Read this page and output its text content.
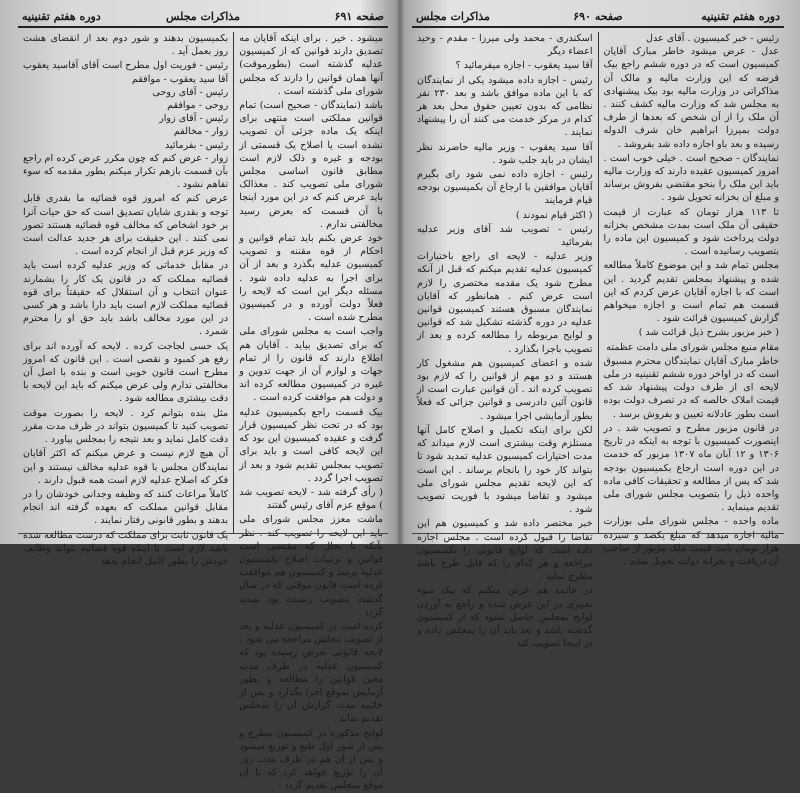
صفحه ۶۹۱
مذاکرات مجلس
دوره هفتم تقنینیه

میشود . خیر . برای اینکه آقایان مه تصدیق دارند قوانین که از کمیسیون عدلیه گذشته است (بطورموقت) آنها همان قوانین را دارند که مجلس شورای ملی گذشته است .

باشد (نمایندگان - صحیح است) تمام قوانین مملکتی است منتهی برای اینکه یک ماده جزئی آن تصویب نشده است یا اصلاح یک قسمتی از بودجه و غیره و ذلک لازم است مطابق قانون اساسی مجلس شورای ملی تصویب کند . معذالک باید عرض کنم که در این مورد اینجا با آن قسمت که بعرض رسید مخالفتی ندارم .

خود عرض بکنم باید تمام قوانین و احکام از قوه مقننه و تصویب کمیسیون عدلیه بگذرد و بعد از آن برای اجرا به عدلیه داده شود . مسئله دیگر این است که لایحه را فعلاً دولت آورده و در کمیسیون مطرح شده است .

واجب است به مجلس شورای ملی که برای تصدیق بیاید . آقایان هم اطلاع دارند که قانون را از تمام جهات و لوازم آن از جهت تدوین و غیره در کمیسیون مطالعه کرده اند و دولت هم موافقت کرده است .

بیک قسمت راجع بکمیسیون عدلیه بود که در تحت نظر کمیسیون قرار گرفت و عقیده کمیسیون این بود که این لایحه کافی است و باید برای تصویب بمجلس تقدیم شود و بعد از تصویب اجرا گردد .

( رأی گرفته شد - لایحه تصویب شد ) موقع عزم آقای رئیس گفتند

ماشت معزز مجلس شورای ملی باید این لایحه را تصویب کند . نظر بآنکه تا بحال که مقتضی است قوانین و ترتیبات اصلاح بکمیسیون عدلیه برسد و کمیسیون هم موافقت کرده است قانون موقتی که در سال گذشته بتصویب رسیده بود تمدید گردد .

کرده است در کمیسیون عدلیه و بعد از تصویب مجلس مراجعه می شود . لایحه قانونی بعرض رسیده بود که کمیسیون عدلیه در ظرف مدت معین قوانین را مطالعه و بطور آزمایش بموقع اجرا بگذارد و پس از خاتمه مدت گزارش آن را بمجلس تقدیم نماید .

لوایح مذکوره در کمیسیون مطرح و پس از شور اول طبع و توزیع میشود و پس از آن هم در ظرف مدت روز آن را توزیع خواهد کرد که تا آن موقع بمجلس تقدیم گردد .

بکمیسیون بدهند و شور دوم بعد از انقضای هشت روز بعمل آید .

رئیس - فوریت اول مطرح است آقای آقاسید یعقوب

آقا سید یعقوب - موافقم

رئیس - آقای روحی

روحی - موافقم

رئیس - آقای زوار

زوار - مخالفم

رئیس - بفرمائید

زوار - عرض کنم که چون مکرر عرض کرده ام راجع بآن قسمت بازهم تکرار میکنم بطور مقدمه که سوء تفاهم نشود .

عرض کنم که امروز قوه قضائیه ما بقدری قابل توجه و بقدری شایان تصدیق است که حق حیات آنرا بر خود اشخاص که مخالف قوه قضائیه هستند تصور نمی کنند . این حقیقت برای هر جدید عدالت است که وزیر عزم قبل از انجام کرده است .

در مقابل خدماتی که وزیر عدلیه کرده است باید قضائیه مملکت که در قانون یک کار را بشمارند عنوان انتخاب و آن استقلال که حقیقتاً برای قوه قضائیه مملکت لازم است باید دارا باشد و هر کسی در این مورد مخالف باشد باید حق او را محترم شمرد .

یک حسی لجاجت کرده . لایحه که آورده اند برای رفع هر کمبود و نقصی است . این قانون که امروز مطرح است قانون خوبی است و بنده با اصل آن مخالفتی ندارم ولی عرض میکنم که باید این لایحه با دقت بیشتری مطالعه شود .

مثل بنده بتوانم کرد . لایحه را بصورت موقت تصویب کنید تا کمیسیون بتواند در ظرف مدت مقرر دقت کامل نماید و بعد نتیجه را بمجلس بیاورد .

آن هیچ لازم نیست و عرض میکنم که اکثر آقایان نمایندگان مجلس با قوه عدلیه مخالف نیستند و این فکر که اصلاح عدلیه لازم است همه قبول دارند .

کاملاً مراعات کنند که وظیفه وجدانی خودشان را در مقابل قوانین مملکت که بعهده گرفته اند انجام بدهند و بطور قانونی رفتار نمایند .

یک قانون ثابت برای مملکت که درست مطالعه شده باشد لازم است تا اینکه قوه قضائیه بتواند وظایف خودش را بطور کامل انجام بدهد .

دوره هفتم تقنینیه
صفحه ۶۹۰
مذاکرات مجلس

رئیس - خبر کمیسیون . آقای عدل

عدل - عرض میشود خاطر مبارک آقایان کمیسیون است که در دوره ششم راجع بیک قرضه که این وزارت مالیه و مالک آن مذاکراتی در وزارت مالیه بود بیک پیشنهادی به مجلس شد که وزارت مالیه کشف کنند . آن ملک را از آن شخص که بعدها از طرف دولت بمیرزا ابراهیم خان شرف الدوله رسیده و بعد باو اجازه داده شد بفروشد .

نمایندگان - صحیح است . خیلی خوب است . امروز کمیسیون عقیده دارند که وزارت مالیه باید این ملک را بنحو مقتضی بفروش برساند و مبلغ آن بخزانه تحویل شود .

تا ۱۱۳ هزار تومان که عبارت از قیمت حقیقی آن ملک است بمدت مشخص بخزانه دولت پرداخت شود و کمیسیون این ماده را بتصویب رسانیده است .

مجلس تمام شد و این موضوع کاملاً مطالعه شده و پیشنهاد بمجلس تقدیم گردید . این است که با اجازه آقایان عرض کردم که این قسمت هم تمام است و اجازه میخواهم گزارش کمیسیون قرائت شود .

( خبر مزبور بشرح ذیل قرائت شد )

مقام منیع مجلس شورای ملی دامت عظمته

خاطر مبارک آقایان نمایندگان محترم مسبوق است که در اواخر دوره ششم تقنینیه در ملی لایحه ای از طرف دولت پیشنهاد شد که قیمت املاک خالصه که در تصرف دولت بوده است بطور عادلانه تعیین و بفروش برسد .

در قانون مزبور مطرح و تصویب شد . در اینصورت کمیسیون با توجه به اینکه در تاریخ ۱۳۰۶ و ۱۲ آبان ماه ۱۳۰۷ مزبور که خدمت در این دوره است ارجاع بکمیسیون بودجه شد که پس از مطالعه و تحقیقات کافی ماده واحده ذیل را بتصویب مجلس شورای ملی تقدیم مینماید .

ماده واحده - مجلس شورای ملی بوزارت مالیه اجازه میدهد که مبلغ یکصد و سیزده هزار تومان بابت قیمت ملک مزبور از صاحب آن دریافت و بخزانه دولت تحویل نماید .

اسکندری - محمد ولی میرزا - مقدم - وحید اعضاء دیگر

آقا سید یعقوب - اجازه میفرمائید ؟

رئیس - اجازه داده میشود یکی از نمایندگان که با این ماده موافق باشد و بعد ۲۳۰ نفر نظامی که بدون تعیین حقوق محل بعد هر کدام در مرکز خدمت می کنند آن را پیشنهاد نمایند .

آقا سید یعقوب - وزیر مالیه حاضرند نظر ایشان در باید جلب شود .

رئیس - اجازه داده نمی شود رای بگیرم آقایان موافقین با ارجاع آن بکمیسیون بودجه قیام فرمایند

( اکثر قیام نمودند )

رئیس - تصویب شد آقای وزیر عدلیه بفرمائید

وزیر عدلیه - لایحه ای راجع باختیارات کمیسیون عدلیه تقدیم میکنم که قبل از آنکه مطرح شود یک مقدمه مختصری را لازم است عرض کنم . همانطور که آقایان نمایندگان مسبوق هستند کمیسیون قوانین عدلیه در دوره گذشته تشکیل شد که قوانین و لوایح مربوطه را مطالعه کرده و بعد از تصویب باجرا بگذارد .

شده و اعضای کمیسیون هم مشغول کار هستند و دو مهم از قوانین را که لازم بود تصویب کرده اند . آن قوانین عبارت است از قانون آئین دادرسی و قوانین جزائی که فعلاً بطور آزمایشی اجرا میشود .

لکن برای اینکه تکمیل و اصلاح کامل آنها مستلزم وقت بیشتری است لازم میداند که مدت اختیارات کمیسیون عدلیه تمدید شود تا بتواند کار خود را بانجام برساند . این است که این لایحه تقدیم مجلس شورای ملی میشود و تقاضا میشود با فوریت تصویب شود .

خبر مختصر داده شد و کمیسیون هم این تقاضا را قبول کرده است . مجلس اجازه داده است که لوایح قانونی را بکمیسیون مراجعه و هر کدام را که قابل طرح باشد مطرح نماید .

در خاتمه هم عرض میکنم که بیک سوء تعبیری در این عرض شده و راجع به آوردن لوایح بمجلس حاصل نشود که از کمیسیون گذشته باشد و بعد باید آن را بمجلس داده و در اینجا تصویب کند .
